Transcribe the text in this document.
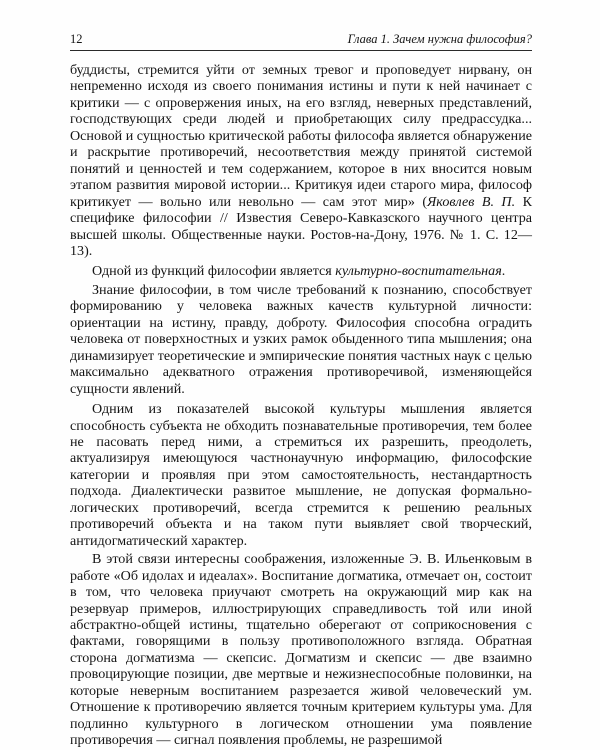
12	Глава 1. Зачем нужна философия?

буддисты, стремится уйти от земных тревог и проповедует нирвану, он непременно исходя из своего понимания истины и пути к ней начинает с критики — с опровержения иных, на его взгляд, неверных представлений, господствующих среди людей и приобретающих силу предрассудка... Основой и сущностью критической работы философа является обнаружение и раскрытие противоречий, несоответствия между принятой системой понятий и ценностей и тем содержанием, которое в них вносится новым этапом развития мировой истории... Критикуя идеи старого мира, философ критикует — вольно или невольно — сам этот мир» (Яковлев В. П. К специфике философии // Известия Северо-Кавказского научного центра высшей школы. Общественные науки. Ростов-на-Дону, 1976. № 1. С. 12—13).

Одной из функций философии является культурно-воспитательная.

Знание философии, в том числе требований к познанию, способствует формированию у человека важных качеств культурной личности: ориентации на истину, правду, доброту. Философия способна оградить человека от поверхностных и узких рамок обыденного типа мышления; она динамизирует теоретические и эмпирические понятия частных наук с целью максимально адекватного отражения противоречивой, изменяющейся сущности явлений.

Одним из показателей высокой культуры мышления является способность субъекта не обходить познавательные противоречия, тем более не пасовать перед ними, а стремиться их разрешить, преодолеть, актуализируя имеющуюся частнонаучную информацию, философские категории и проявляя при этом самостоятельность, нестандартность подхода. Диалектически развитое мышление, не допуская формально-логических противоречий, всегда стремится к решению реальных противоречий объекта и на таком пути выявляет свой творческий, антидогматический характер.

В этой связи интересны соображения, изложенные Э. В. Ильенковым в работе «Об идолах и идеалах». Воспитание догматика, отмечает он, состоит в том, что человека приучают смотреть на окружающий мир как на резервуар примеров, иллюстрирующих справедливость той или иной абстрактно-общей истины, тщательно оберегают от соприкосновения с фактами, говорящими в пользу противоположного взгляда. Обратная сторона догматизма — скепсис. Догматизм и скепсис — две взаимно провоцирующие позиции, две мертвые и нежизнеспособные половинки, на которые неверным воспитанием разрезается живой человеческий ум. Отношение к противоречию является точным критерием культуры ума. Для подлинно культурного в логическом отношении ума появление противоречия — сигнал появления проблемы, не разрешимой
